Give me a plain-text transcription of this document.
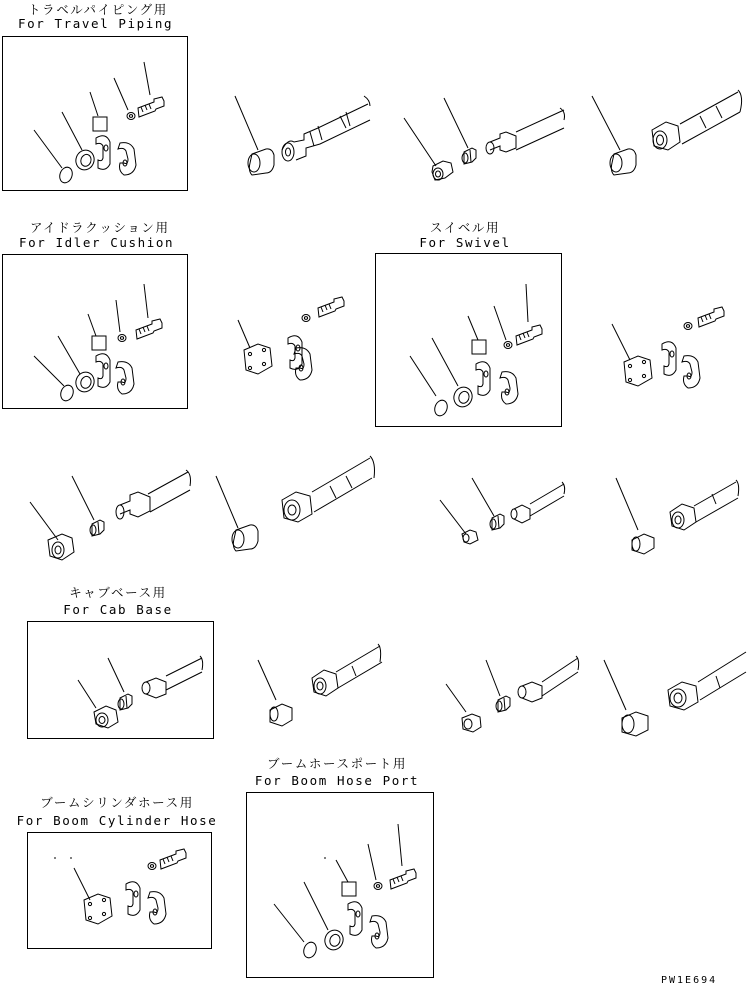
トラベルパイピング用
For Travel Piping
アイドラクッション用
For Idler Cushion
スイベル用
For Swivel
キャブベース用
For Cab Base
ブームホースポート用
For Boom Hose Port
ブームシリンダホース用
For Boom Cylinder Hose
PW1E694
